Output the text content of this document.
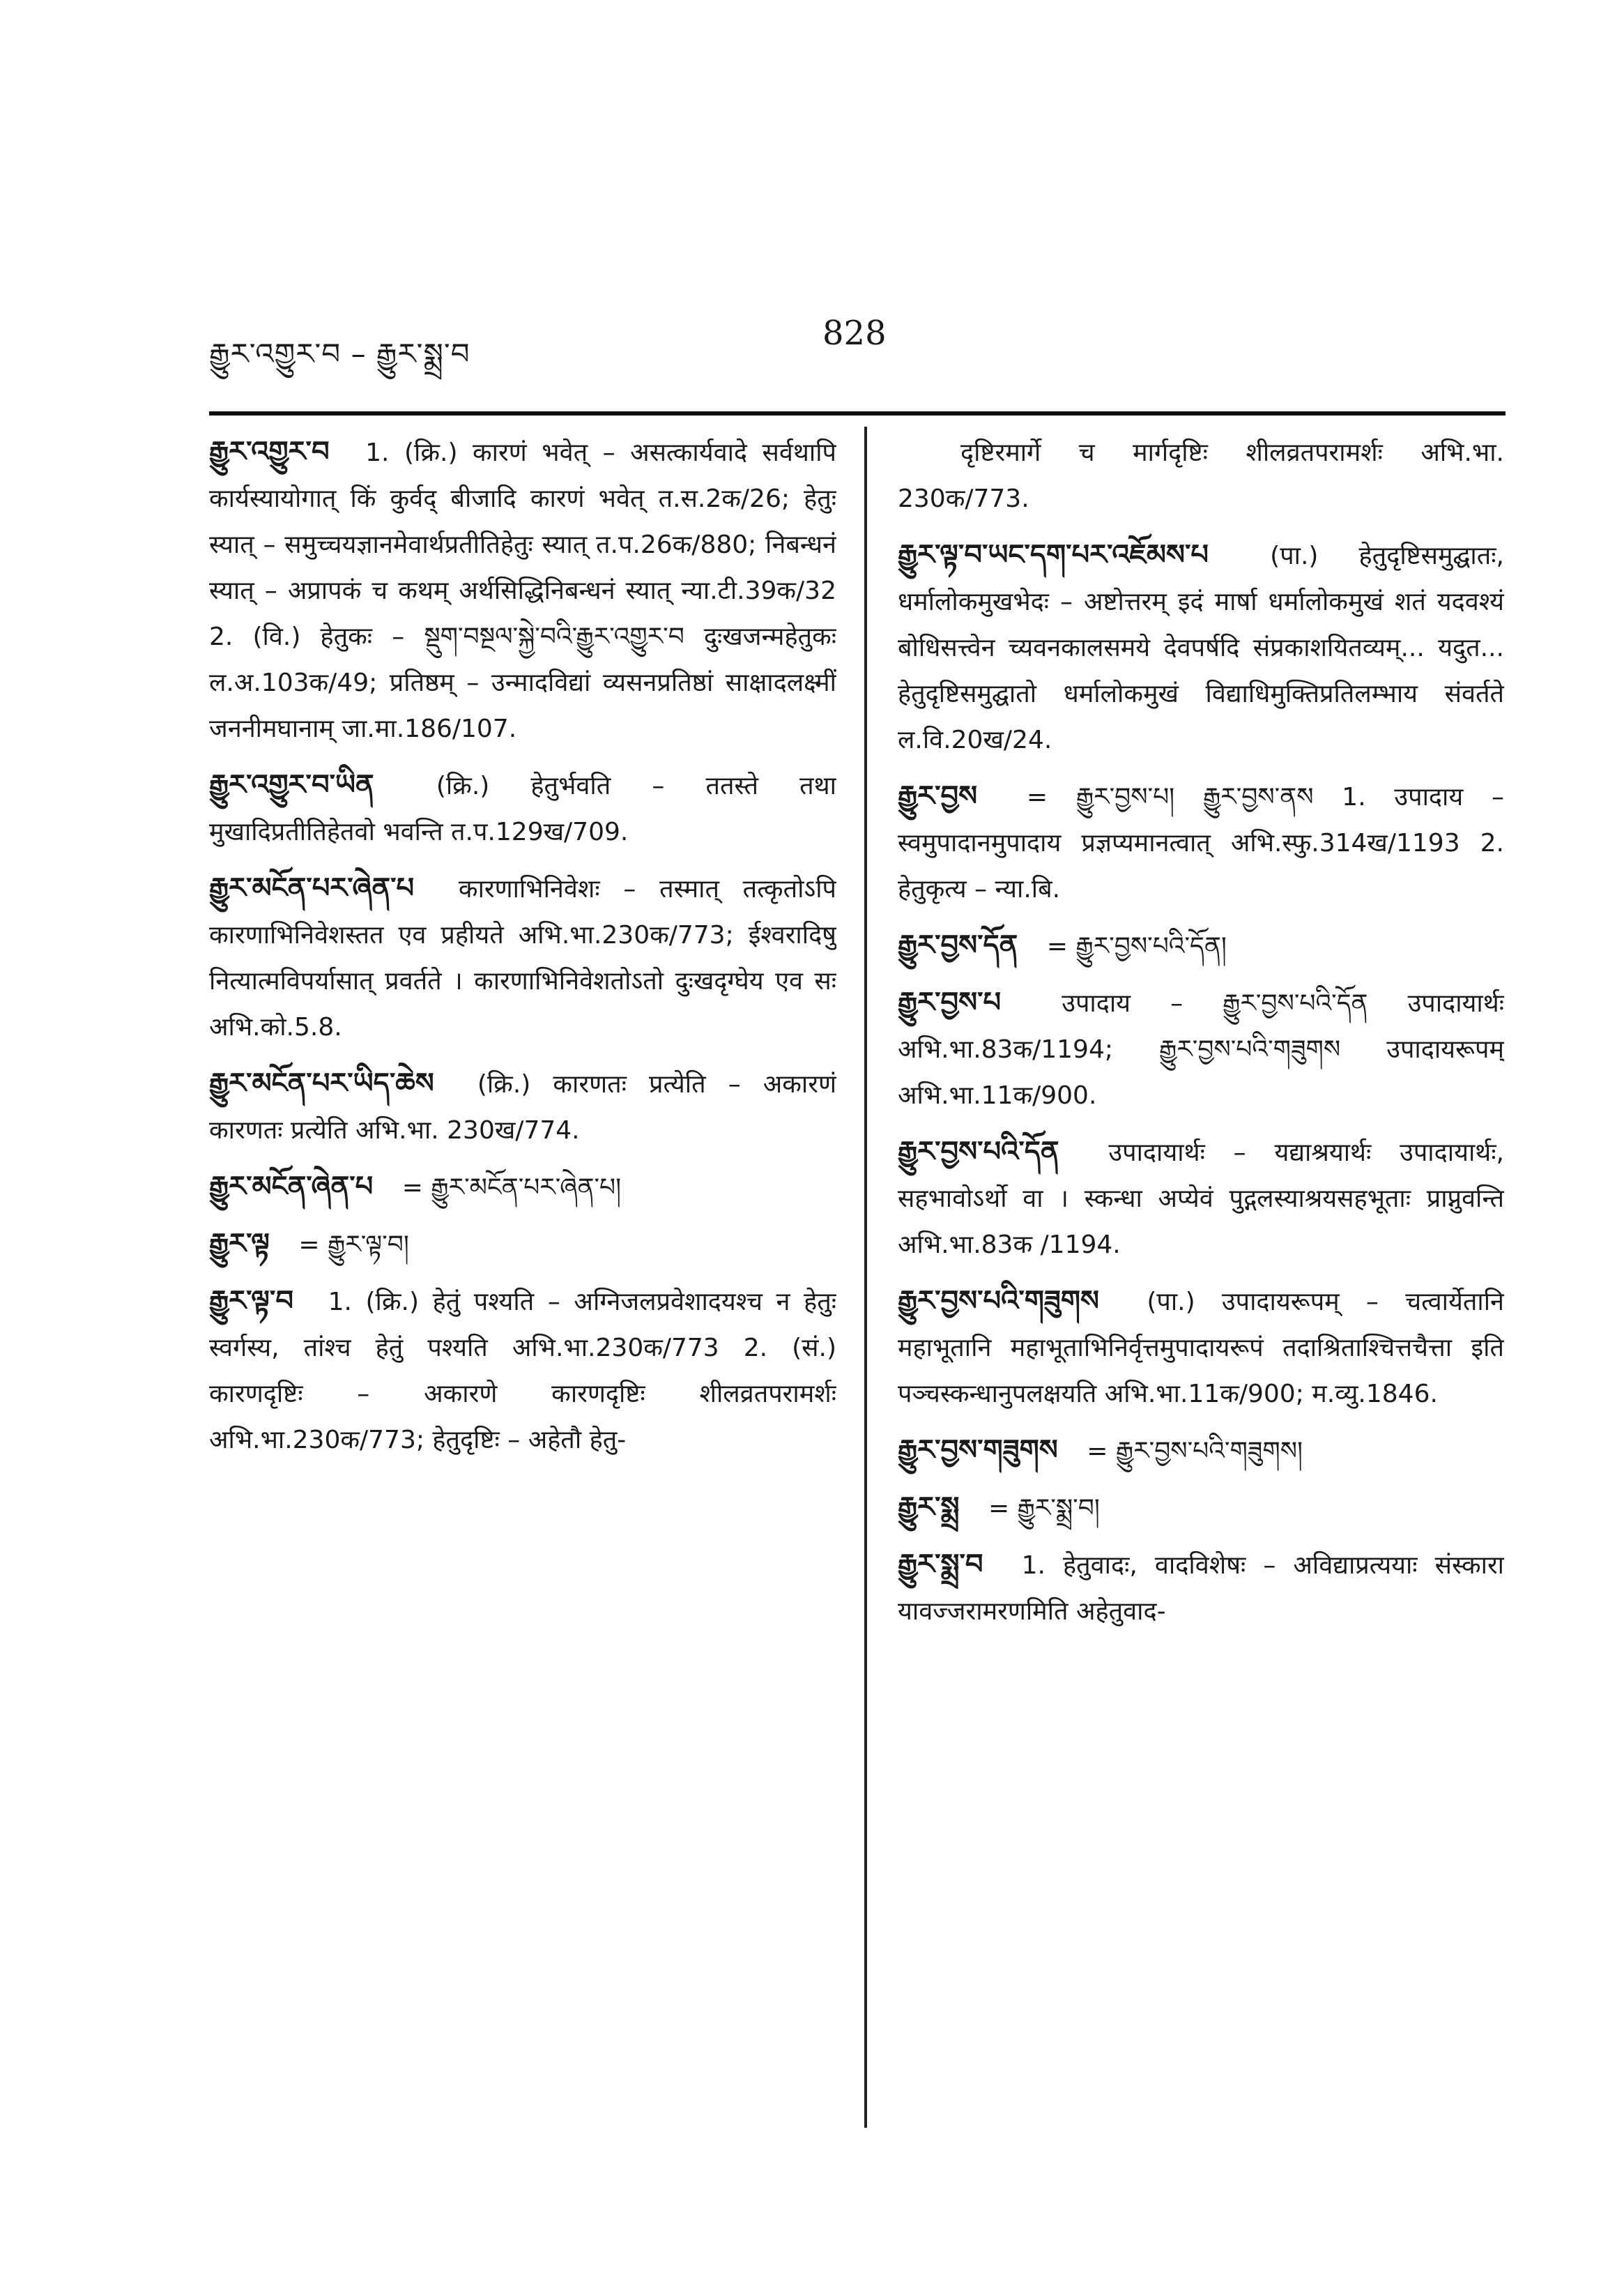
རྒྱུར་འགྱུར་བ – རྒྱུར་སྨྲ་བ
828
རྒྱུར་འགྱུར་བ 1. (क्रि.) कारणं भवेत् – असत्कार्यवादे सर्वथापि कार्यस्यायोगात् किं कुर्वद् बीजादि कारणं भवेत् त.स.2क/26; हेतुः स्यात् – समुच्चयज्ञानमेवार्थप्रतीतिहेतुः स्यात् त.प.26क/880; निबन्धनं स्यात् – अप्रापकं च कथम् अर्थसिद्धिनिबन्धनं स्यात् न्या.टी.39क/32 2. (वि.) हेतुकः – སྡུག་བསྔལ་སྐྱེ་བའི་རྒྱུར་འགྱུར་བ दुःखजन्महेतुकः ल.अ.103क/49; प्रतिष्ठम् – उन्मादविद्यां व्यसनप्रतिष्ठां साक्षादलक्ष्मीं जननीमघानाम् जा.मा.186/107.
རྒྱུར་འགྱུར་བ་ཡིན (क्रि.) हेतुर्भवति – ततस्ते तथा मुखादिप्रतीतिहेतवो भवन्ति त.प.129ख/709.
རྒྱུར་མངོན་པར་ཞེན་པ कारणाभिनिवेशः – तस्मात् तत्कृतोऽपि कारणाभिनिवेशस्तत एव प्रहीयते अभि.भा.230क/773; ईश्वरादिषु नित्यात्मविपर्यासात् प्रवर्तते । कारणाभिनिवेशतोऽतो दुःखदृग्घेय एव सः अभि.को.5.8.
རྒྱུར་མངོན་པར་ཡིད་ཆེས (क्रि.) कारणतः प्रत्येति – अकारणं कारणतः प्रत्येति अभि.भा. 230ख/774.
རྒྱུར་མངོན་ཞེན་པ = རྒྱུར་མངོན་པར་ཞེན་པ།
རྒྱུར་ལྟ = རྒྱུར་ལྟ་བ།
རྒྱུར་ལྟ་བ 1. (क्रि.) हेतुं पश्यति – अग्निजलप्रवेशादयश्च न हेतुः स्वर्गस्य, तांश्च हेतुं पश्यति अभि.भा.230क/773 2. (सं.) कारणदृष्टिः – अकारणे कारणदृष्टिः शीलव्रतपरामर्शः अभि.भा.230क/773; हेतुदृष्टिः – अहेतौ हेतु-
दृष्टिरमार्गे च मार्गदृष्टिः शीलव्रतपरामर्शः अभि.भा. 230क/773.
རྒྱུར་ལྟ་བ་ཡང་དག་པར་འཇོམས་པ (पा.) हेतुदृष्टिसमुद्घातः, धर्मालोकमुखभेदः – अष्टोत्तरम् इदं मार्षा धर्मालोकमुखं शतं यदवश्यं बोधिसत्त्वेन च्यवनकालसमये देवपर्षदि संप्रकाशयितव्यम्... यदुत... हेतुदृष्टिसमुद्घातो धर्मालोकमुखं विद्याधिमुक्तिप्रतिलम्भाय संवर्तते ल.वि.20ख/24.
རྒྱུར་བྱས = རྒྱུར་བྱས་པ། རྒྱུར་བྱས་ནས 1. उपादाय – स्वमुपादानमुपादाय प्रज्ञप्यमानत्वात् अभि.स्फु.314ख/1193 2. हेतुकृत्य – न्या.बि.
རྒྱུར་བྱས་དོན = རྒྱུར་བྱས་པའི་དོན།
རྒྱུར་བྱས་པ उपादाय – རྒྱུར་བྱས་པའི་དོན उपादायार्थः अभि.भा.83क/1194; རྒྱུར་བྱས་པའི་གཟུགས उपादायरूपम् अभि.भा.11क/900.
རྒྱུར་བྱས་པའི་དོན उपादायार्थः – यद्याश्रयार्थः उपादायार्थः, सहभावोऽर्थो वा । स्कन्धा अप्येवं पुद्गलस्याश्रयसहभूताः प्राप्नुवन्ति अभि.भा.83क /1194.
རྒྱུར་བྱས་པའི་གཟུགས (पा.) उपादायरूपम् – चत्वार्येतानि महाभूतानि महाभूताभिनिर्वृत्तमुपादायरूपं तदाश्रिताश्चित्तचैत्ता इति पञ्चस्कन्धानुपलक्षयति अभि.भा.11क/900; म.व्यु.1846.
རྒྱུར་བྱས་གཟུགས = རྒྱུར་བྱས་པའི་གཟུགས།
རྒྱུར་སྨྲ = རྒྱུར་སྨྲ་བ།
རྒྱུར་སྨྲ་བ 1. हेतुवादः, वादविशेषः – अविद्याप्रत्ययाः संस्कारा यावज्जरामरणमिति अहेतुवाद-
